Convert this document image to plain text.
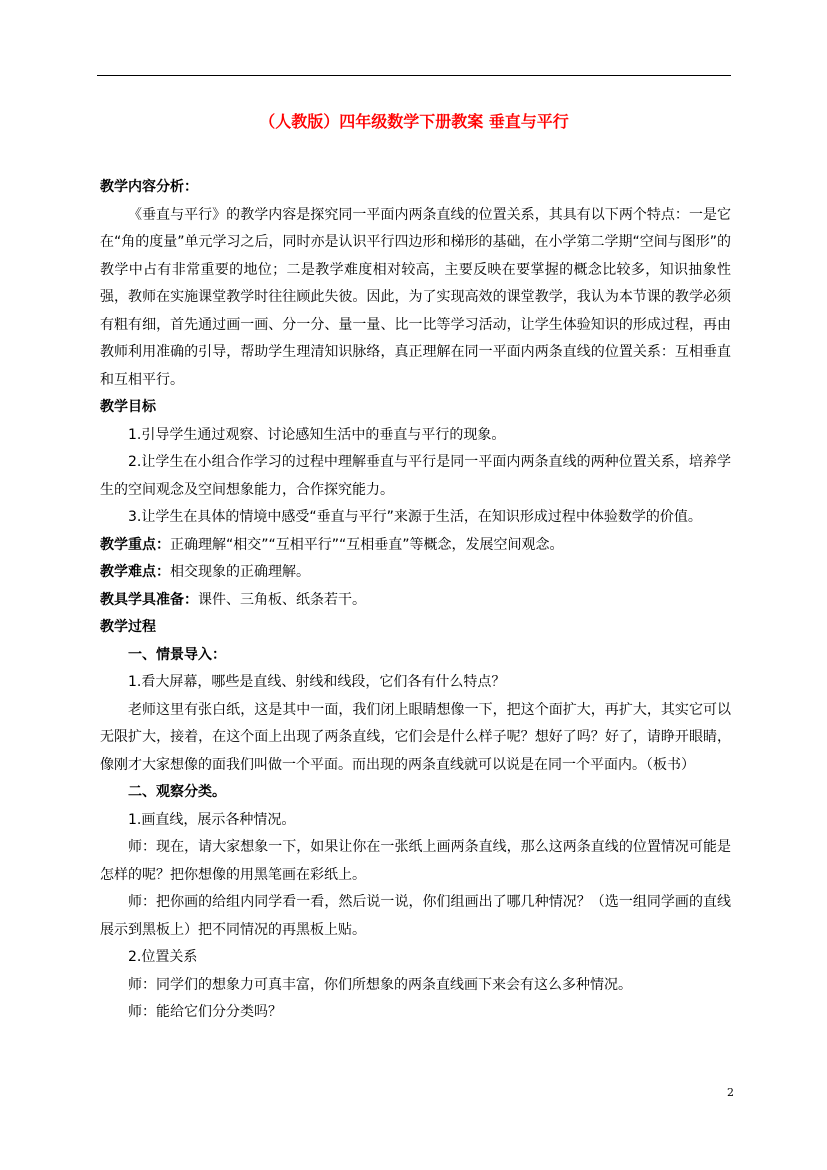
（人教版）四年级数学下册教案 垂直与平行

教学内容分析：

《垂直与平行》的教学内容是探究同一平面内两条直线的位置关系，其具有以下两个特点：一是它在“角的度量”单元学习之后，同时亦是认识平行四边形和梯形的基础，在小学第二学期“空间与图形”的教学中占有非常重要的地位；二是教学难度相对较高，主要反映在要掌握的概念比较多，知识抽象性强，教师在实施课堂教学时往往顾此失彼。因此，为了实现高效的课堂教学，我认为本节课的教学必须有粗有细，首先通过画一画、分一分、量一量、比一比等学习活动，让学生体验知识的形成过程，再由教师利用准确的引导，帮助学生理清知识脉络，真正理解在同一平面内两条直线的位置关系：互相垂直和互相平行。

教学目标

1.引导学生通过观察、讨论感知生活中的垂直与平行的现象。

2.让学生在小组合作学习的过程中理解垂直与平行是同一平面内两条直线的两种位置关系，培养学生的空间观念及空间想象能力，合作探究能力。

3.让学生在具体的情境中感受“垂直与平行”来源于生活，在知识形成过程中体验数学的价值。

教学重点：正确理解“相交”“互相平行”“互相垂直”等概念，发展空间观念。

教学难点：相交现象的正确理解。

教具学具准备：课件、三角板、纸条若干。

教学过程

一、情景导入：

1.看大屏幕，哪些是直线、射线和线段，它们各有什么特点？

老师这里有张白纸，这是其中一面，我们闭上眼睛想像一下，把这个面扩大，再扩大，其实它可以无限扩大，接着，在这个面上出现了两条直线，它们会是什么样子呢？想好了吗？好了，请睁开眼睛，像刚才大家想像的面我们叫做一个平面。而出现的两条直线就可以说是在同一个平面内。（板书）

二、观察分类。

1.画直线，展示各种情况。

师：现在，请大家想象一下，如果让你在一张纸上画两条直线，那么这两条直线的位置情况可能是怎样的呢？把你想像的用黑笔画在彩纸上。

师：把你画的给组内同学看一看，然后说一说，你们组画出了哪几种情况？（选一组同学画的直线展示到黑板上）把不同情况的再黑板上贴。

2.位置关系

师：同学们的想象力可真丰富，你们所想象的两条直线画下来会有这么多种情况。

师：能给它们分分类吗？

2
